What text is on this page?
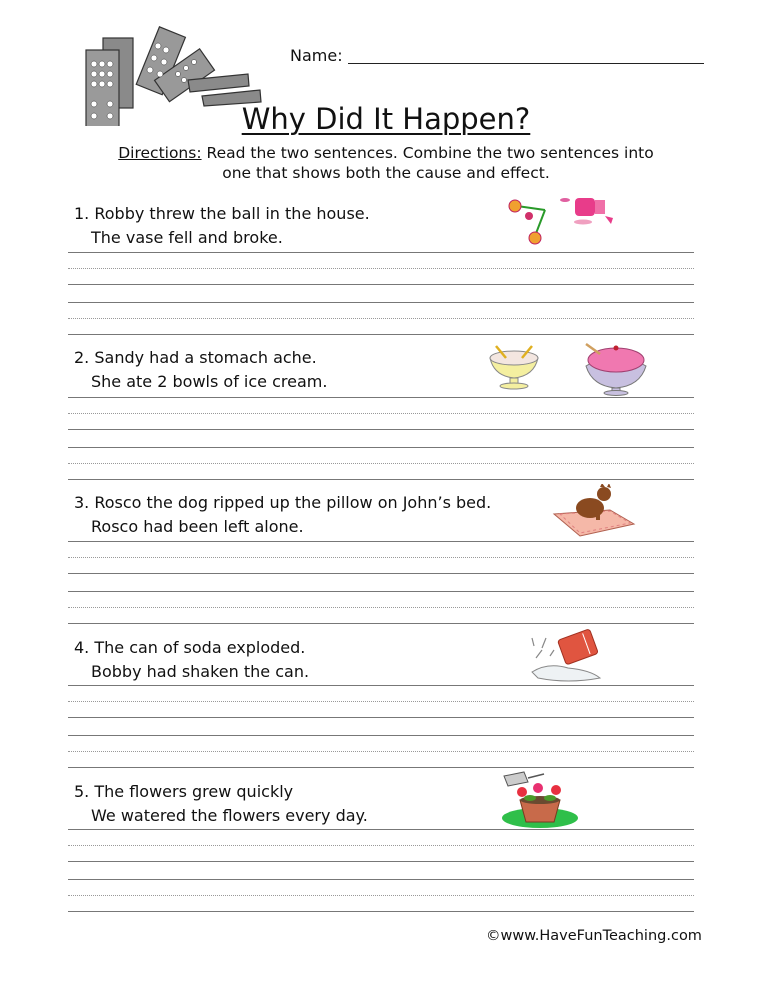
Name:
Why Did It Happen?
Directions: Read the two sentences. Combine the two sentences into
one that shows both the cause and effect.
1. Robby threw the ball in the house.
The vase fell and broke.
2. Sandy had a stomach ache.
She ate 2 bowls of ice cream.
3. Rosco the dog ripped up the pillow on John’s bed.
Rosco had been left alone.
4. The can of soda exploded.
Bobby had shaken the can.
5. The flowers grew quickly
We watered the flowers every day.
©www.HaveFunTeaching.com
